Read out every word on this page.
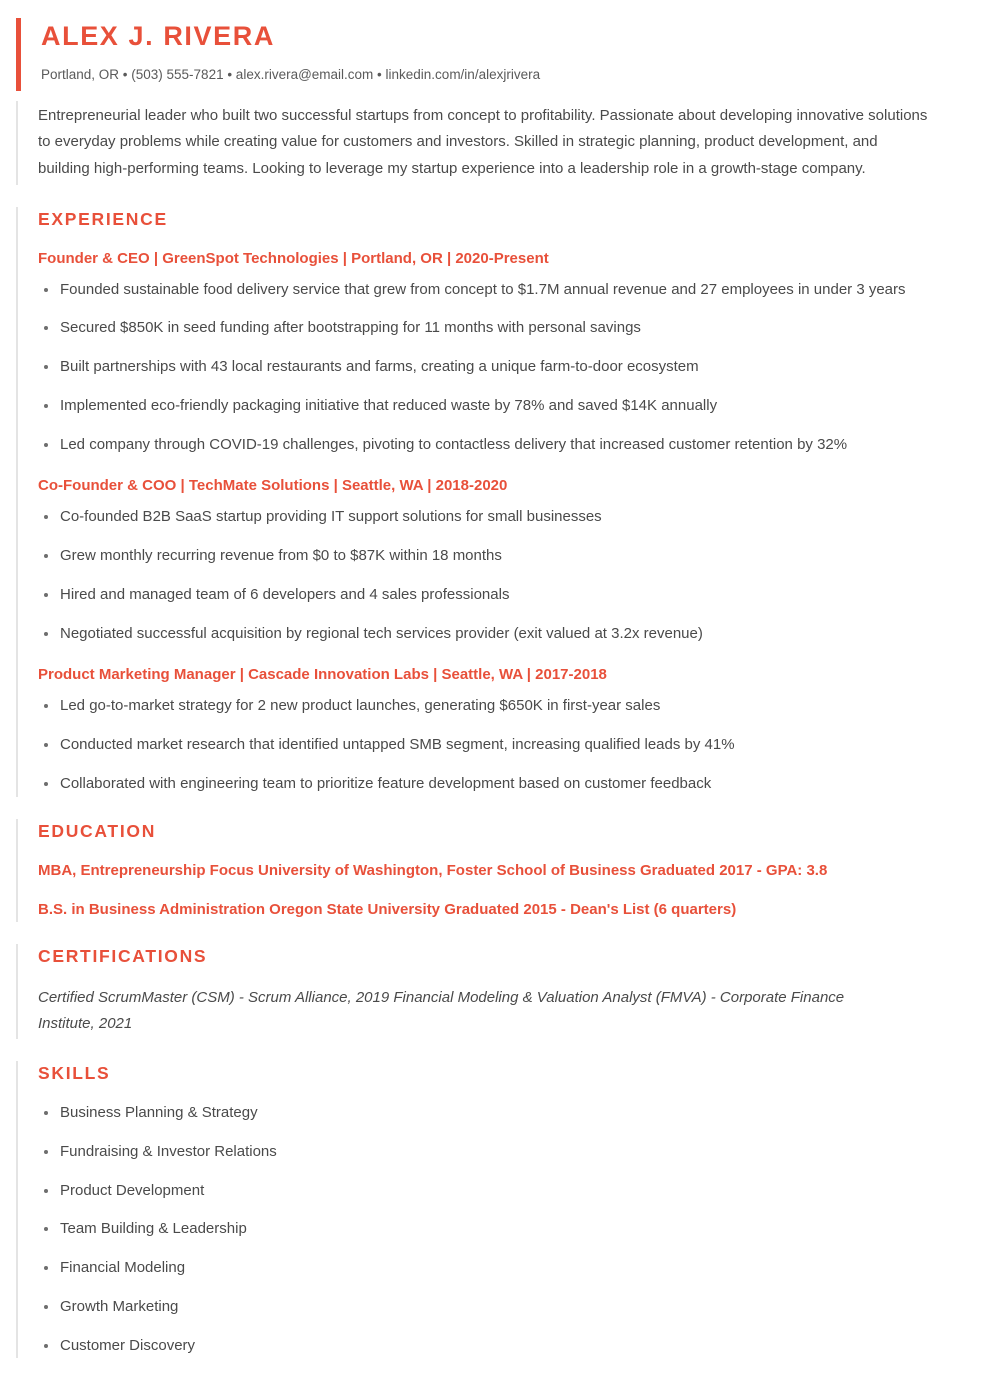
ALEX J. RIVERA

Portland, OR • (503) 555-7821 • alex.rivera@email.com • linkedin.com/in/alexjrivera

Entrepreneurial leader who built two successful startups from concept to profitability. Passionate about developing innovative solutions to everyday problems while creating value for customers and investors. Skilled in strategic planning, product development, and building high-performing teams. Looking to leverage my startup experience into a leadership role in a growth-stage company.

EXPERIENCE
Founder & CEO | GreenSpot Technologies | Portland, OR | 2020-Present
Founded sustainable food delivery service that grew from concept to $1.7M annual revenue and 27 employees in under 3 years
Secured $850K in seed funding after bootstrapping for 11 months with personal savings
Built partnerships with 43 local restaurants and farms, creating a unique farm-to-door ecosystem
Implemented eco-friendly packaging initiative that reduced waste by 78% and saved $14K annually
Led company through COVID-19 challenges, pivoting to contactless delivery that increased customer retention by 32%
Co-Founder & COO | TechMate Solutions | Seattle, WA | 2018-2020
Co-founded B2B SaaS startup providing IT support solutions for small businesses
Grew monthly recurring revenue from $0 to $87K within 18 months
Hired and managed team of 6 developers and 4 sales professionals
Negotiated successful acquisition by regional tech services provider (exit valued at 3.2x revenue)
Product Marketing Manager | Cascade Innovation Labs | Seattle, WA | 2017-2018
Led go-to-market strategy for 2 new product launches, generating $650K in first-year sales
Conducted market research that identified untapped SMB segment, increasing qualified leads by 41%
Collaborated with engineering team to prioritize feature development based on customer feedback
EDUCATION
MBA, Entrepreneurship Focus University of Washington, Foster School of Business Graduated 2017 - GPA: 3.8
B.S. in Business Administration Oregon State University Graduated 2015 - Dean's List (6 quarters)
CERTIFICATIONS

Certified ScrumMaster (CSM) - Scrum Alliance, 2019 Financial Modeling & Valuation Analyst (FMVA) - Corporate Finance Institute, 2021

SKILLS
Business Planning & Strategy
Fundraising & Investor Relations
Product Development
Team Building & Leadership
Financial Modeling
Growth Marketing
Customer Discovery
